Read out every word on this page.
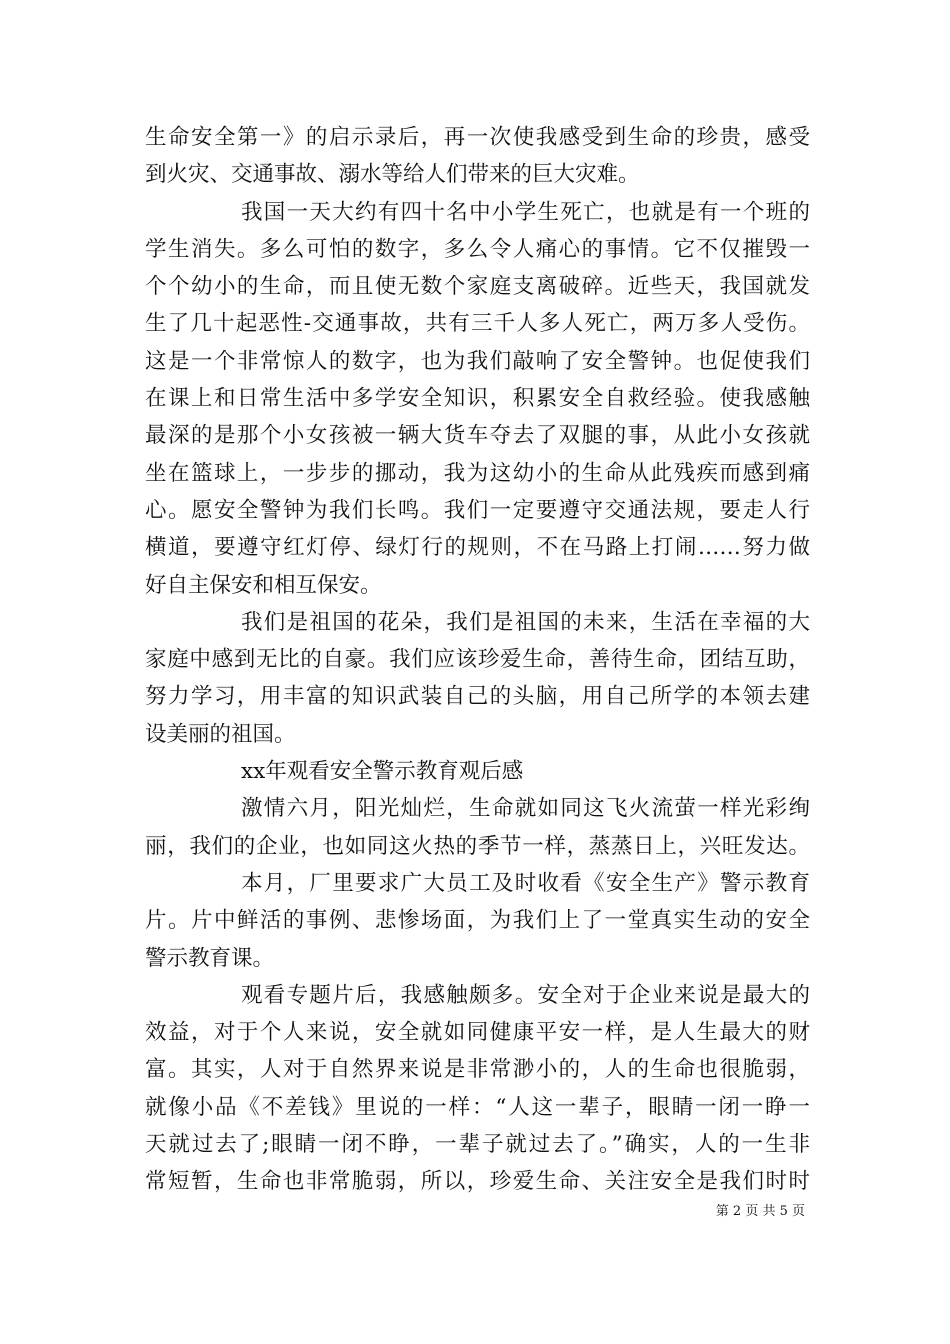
生命安全第一》的启示录后，再一次使我感受到生命的珍贵，感受
到火灾、交通事故、溺水等给人们带来的巨大灾难。
我国一天大约有四十名中小学生死亡，也就是有一个班的
学生消失。多么可怕的数字，多么令人痛心的事情。它不仅摧毁一
个个幼小的生命，而且使无数个家庭支离破碎。近些天，我国就发
生了几十起恶性-交通事故，共有三千人多人死亡，两万多人受伤。
这是一个非常惊人的数字，也为我们敲响了安全警钟。也促使我们
在课上和日常生活中多学安全知识，积累安全自救经验。使我感触
最深的是那个小女孩被一辆大货车夺去了双腿的事，从此小女孩就
坐在篮球上，一步步的挪动，我为这幼小的生命从此残疾而感到痛
心。愿安全警钟为我们长鸣。我们一定要遵守交通法规，要走人行
横道，要遵守红灯停、绿灯行的规则，不在马路上打闹……努力做
好自主保安和相互保安。
我们是祖国的花朵，我们是祖国的未来，生活在幸福的大
家庭中感到无比的自豪。我们应该珍爱生命，善待生命，团结互助，
努力学习，用丰富的知识武装自己的头脑，用自己所学的本领去建
设美丽的祖国。
xx年观看安全警示教育观后感
激情六月，阳光灿烂，生命就如同这飞火流萤一样光彩绚
丽，我们的企业，也如同这火热的季节一样，蒸蒸日上，兴旺发达。
本月，厂里要求广大员工及时收看《安全生产》警示教育
片。片中鲜活的事例、悲惨场面，为我们上了一堂真实生动的安全
警示教育课。
观看专题片后，我感触颇多。安全对于企业来说是最大的
效益，对于个人来说，安全就如同健康平安一样，是人生最大的财
富。其实，人对于自然界来说是非常渺小的，人的生命也很脆弱，
就像小品《不差钱》里说的一样：“人这一辈子，眼睛一闭一睁一
天就过去了;眼睛一闭不睁，一辈子就过去了。”确实，人的一生非
常短暂，生命也非常脆弱，所以，珍爱生命、关注安全是我们时时
第 2 页 共 5 页
